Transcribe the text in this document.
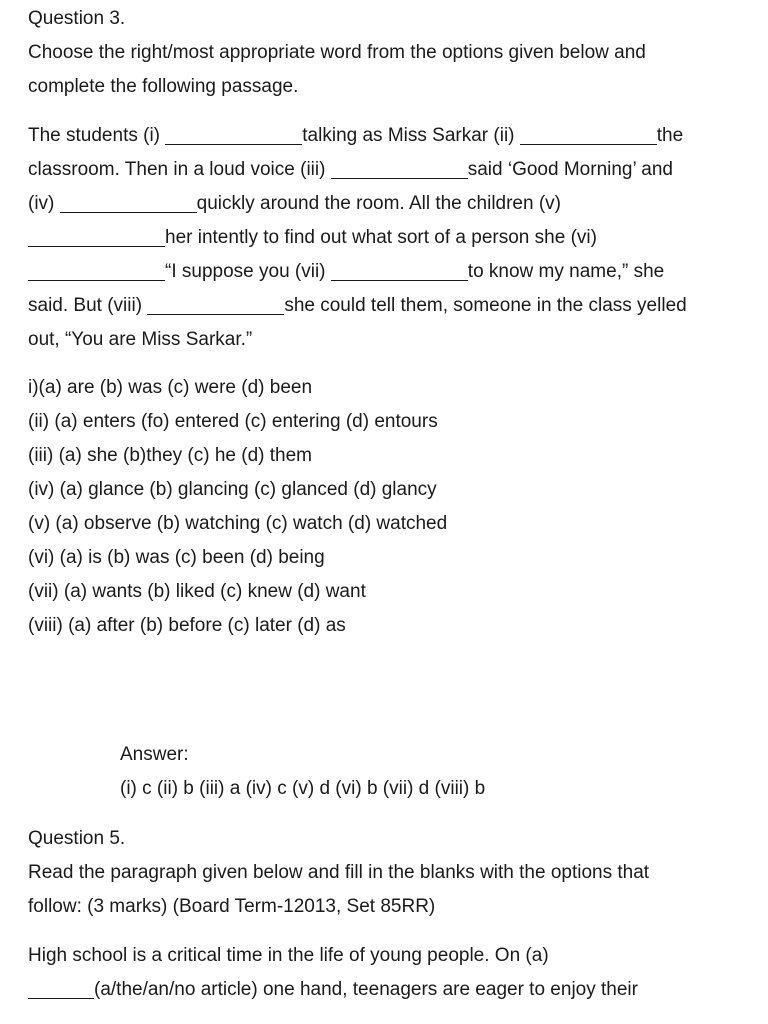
Question 3.
Choose the right/most appropriate word from the options given below and
complete the following passage.
The students (i)	talking as Miss Sarkar (ii)	the
classroom. Then in a loud voice (iii)	said ‘Good Morning’ and
(iv)	quickly around the room. All the children (v)
her intently to find out what sort of a person she (vi)
“I suppose you (vii)	to know my name,” she
said. But (viii)	she could tell them, someone in the class yelled
out, “You are Miss Sarkar.”
i)(a) are (b) was (c) were (d) been
(ii) (a) enters (fo) entered (c) entering (d) entours
(iii) (a) she (b)they (c) he (d) them
(iv) (a) glance (b) glancing (c) glanced (d) glancy
(v) (a) observe (b) watching (c) watch (d) watched
(vi) (a) is (b) was (c) been (d) being
(vii) (a) wants (b) liked (c) knew (d) want
(viii) (a) after (b) before (c) later (d) as
Answer:
(i) c (ii) b (iii) a (iv) c (v) d (vi) b (vii) d (viii) b
Question 5.
Read the paragraph given below and fill in the blanks with the options that
follow: (3 marks) (Board Term-12013, Set 85RR)
High school is a critical time in the life of young people. On (a)
(a/the/an/no article) one hand, teenagers are eager to enjoy their
